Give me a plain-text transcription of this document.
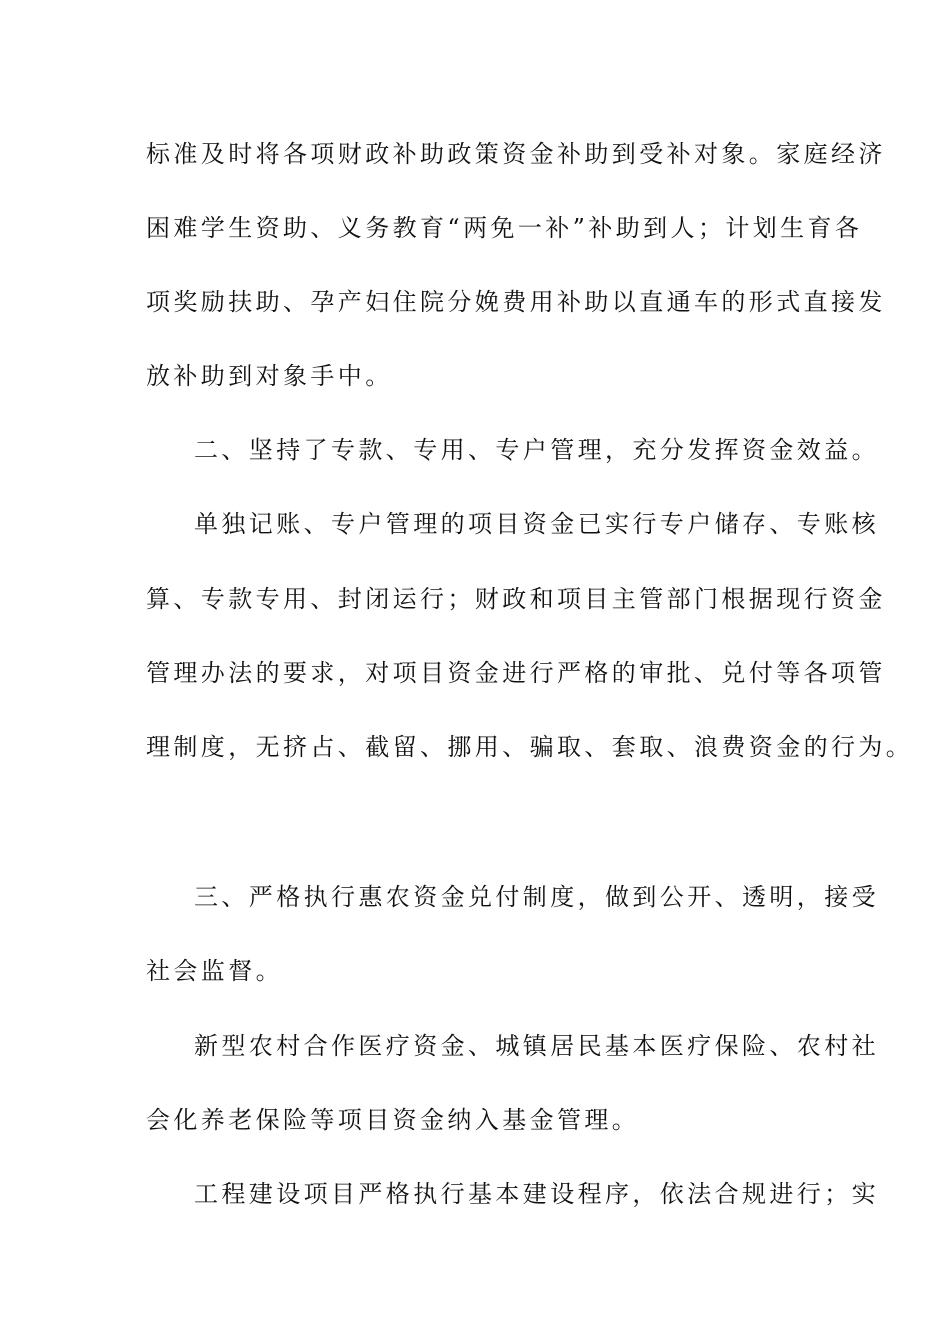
标准及时将各项财政补助政策资金补助到受补对象。家庭经济

困难学生资助、义务教育“两免一补”补助到人；计划生育各

项奖励扶助、孕产妇住院分娩费用补助以直通车的形式直接发

放补助到对象手中。

二、坚持了专款、专用、专户管理，充分发挥资金效益。

单独记账、专户管理的项目资金已实行专户储存、专账核

算、专款专用、封闭运行；财政和项目主管部门根据现行资金

管理办法的要求，对项目资金进行严格的审批、兑付等各项管

理制度，无挤占、截留、挪用、骗取、套取、浪费资金的行为。

三、严格执行惠农资金兑付制度，做到公开、透明，接受

社会监督。

新型农村合作医疗资金、城镇居民基本医疗保险、农村社

会化养老保险等项目资金纳入基金管理。

工程建设项目严格执行基本建设程序，依法合规进行；实
